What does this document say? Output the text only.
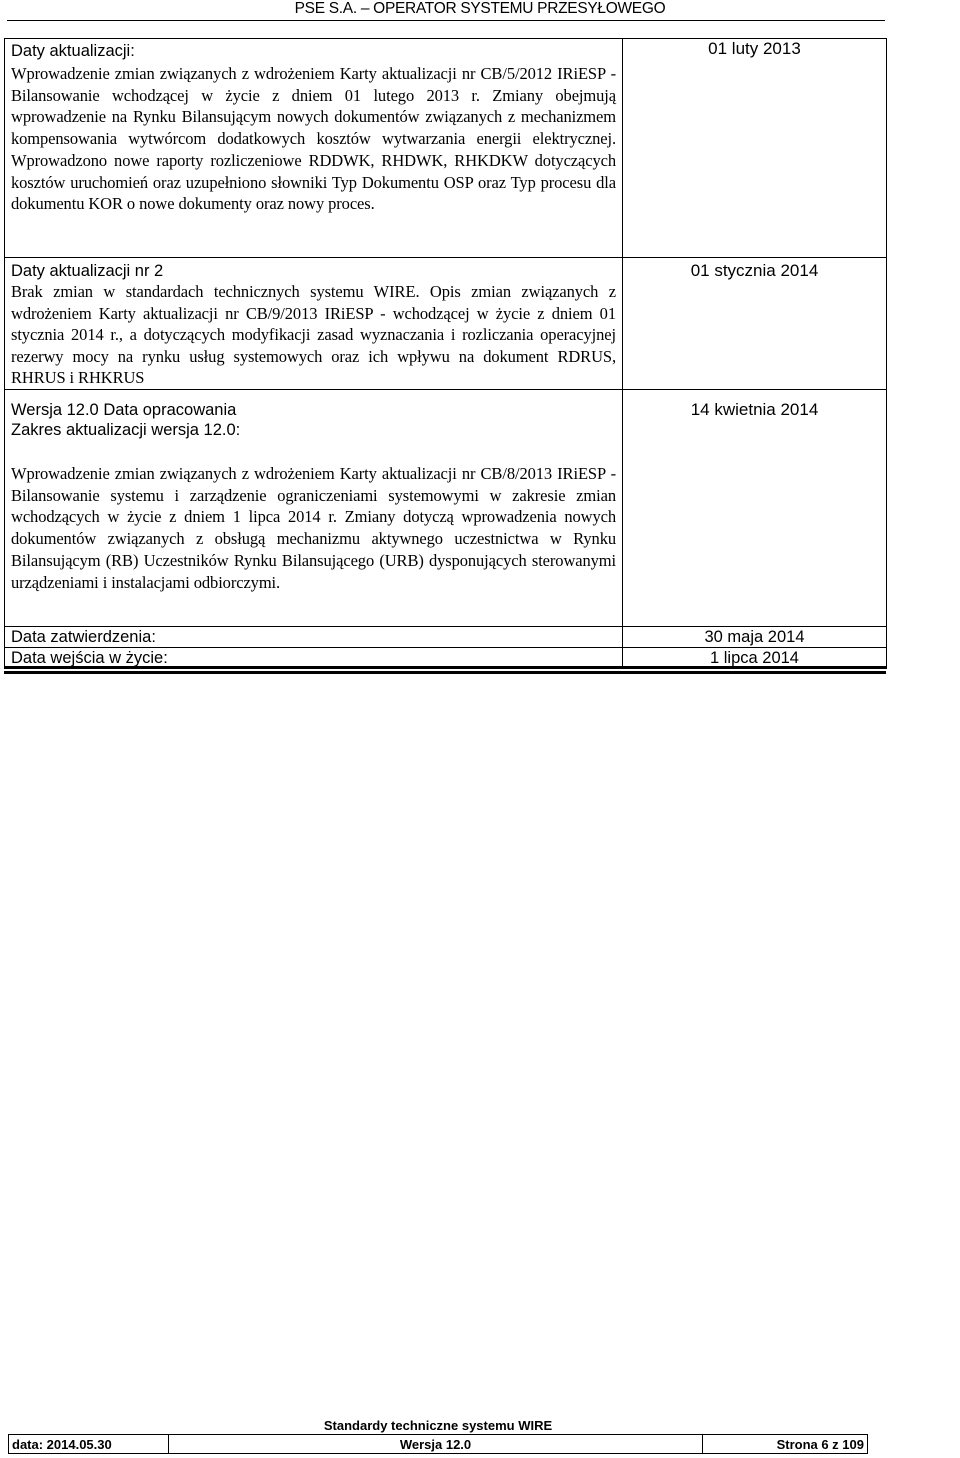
PSE S.A. – OPERATOR SYSTEMU PRZESYŁOWEGO
Daty aktualizacji:
Wprowadzenie zmian związanych z wdrożeniem Karty aktualizacji nr CB/5/2012 IRiESP - Bilansowanie wchodzącej w życie z dniem 01 lutego 2013 r. Zmiany obejmują wprowadzenie na Rynku Bilansującym nowych dokumentów związanych z mechanizmem kompensowania wytwórcom dodatkowych kosztów wytwarzania energii elektrycznej. Wprowadzono nowe raporty rozliczeniowe RDDWK, RHDWK, RHKDKW dotyczących kosztów uruchomień oraz uzupełniono słowniki Typ Dokumentu OSP oraz Typ procesu dla dokumentu KOR o nowe dokumenty oraz nowy proces.	01 luty 2013

Daty aktualizacji nr 2
Brak zmian w standardach technicznych systemu WIRE. Opis zmian związanych z wdrożeniem Karty aktualizacji nr CB/9/2013 IRiESP - wchodzącej w życie z dniem 01 stycznia 2014 r., a dotyczących modyfikacji zasad wyznaczania i rozliczania operacyjnej rezerwy mocy na rynku usług systemowych oraz ich wpływu na dokument RDRUS, RHRUS i RHKRUS	01 stycznia 2014

Wersja 12.0 Data opracowania
Zakres aktualizacji wersja 12.0:
Wprowadzenie zmian związanych z wdrożeniem Karty aktualizacji nr CB/8/2013 IRiESP - Bilansowanie systemu i zarządzenie ograniczeniami systemowymi w zakresie zmian wchodzących w życie z dniem 1 lipca 2014 r. Zmiany dotyczą wprowadzenia nowych dokumentów związanych z obsługą mechanizmu aktywnego uczestnictwa w Rynku Bilansującym (RB) Uczestników Rynku Bilansującego (URB) dysponujących sterowanymi urządzeniami i instalacjami odbiorczymi.	14 kwietnia 2014
Data zatwierdzenia:	30 maja 2014
Data wejścia w życie:	1 lipca 2014
Standardy techniczne systemu WIRE
data: 2014.05.30	Wersja 12.0	Strona 6 z 109
